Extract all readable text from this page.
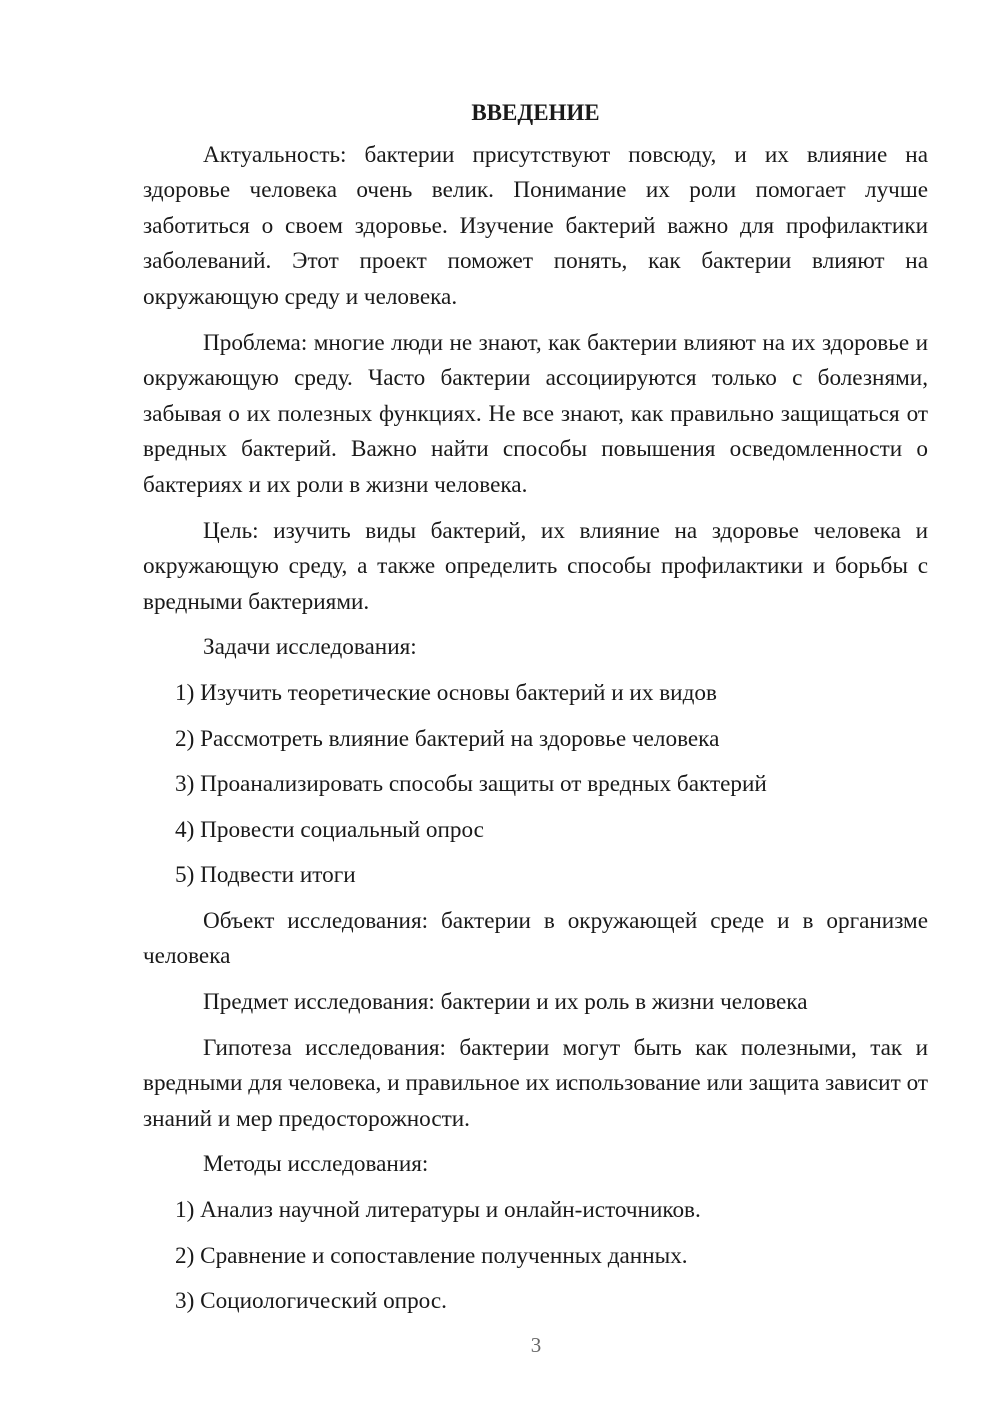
ВВЕДЕНИЕ

Актуальность: бактерии присутствуют повсюду, и их влияние на здоровье человека очень велик. Понимание их роли помогает лучше заботиться о своем здоровье. Изучение бактерий важно для профилактики заболеваний. Этот проект поможет понять, как бактерии влияют на окружающую среду и человека.

Проблема: многие люди не знают, как бактерии влияют на их здоровье и окружающую среду. Часто бактерии ассоциируются только с болезнями, забывая о их полезных функциях. Не все знают, как правильно защищаться от вредных бактерий. Важно найти способы повышения осведомленности о бактериях и их роли в жизни человека.

Цель: изучить виды бактерий, их влияние на здоровье человека и окружающую среду, а также определить способы профилактики и борьбы с вредными бактериями.

Задачи исследования:

1) Изучить теоретические основы бактерий и их видов
2) Рассмотреть влияние бактерий на здоровье человека
3) Проанализировать способы защиты от вредных бактерий
4) Провести социальный опрос
5) Подвести итоги

Объект исследования: бактерии в окружающей среде и в организме человека

Предмет исследования: бактерии и их роль в жизни человека

Гипотеза исследования: бактерии могут быть как полезными, так и вредными для человека, и правильное их использование или защита зависит от знаний и мер предосторожности.

Методы исследования:

1) Анализ научной литературы и онлайн-источников.
2) Сравнение и сопоставление полученных данных.
3) Социологический опрос.
3
